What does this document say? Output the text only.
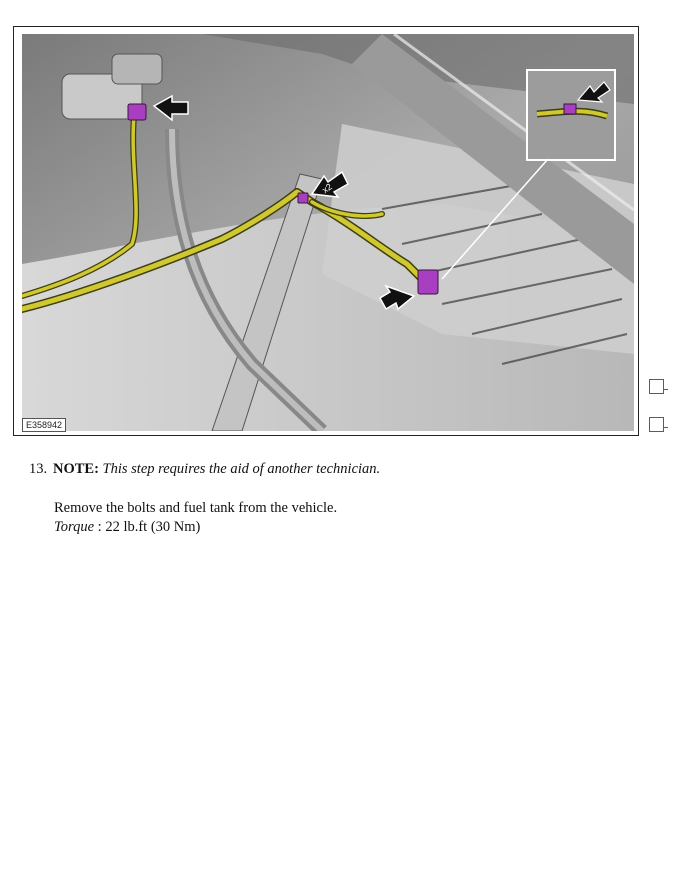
x2
E358942
13. NOTE: This step requires the aid of another technician.
Remove the bolts and fuel tank from the vehicle.
Torque : 22 lb.ft (30 Nm)
